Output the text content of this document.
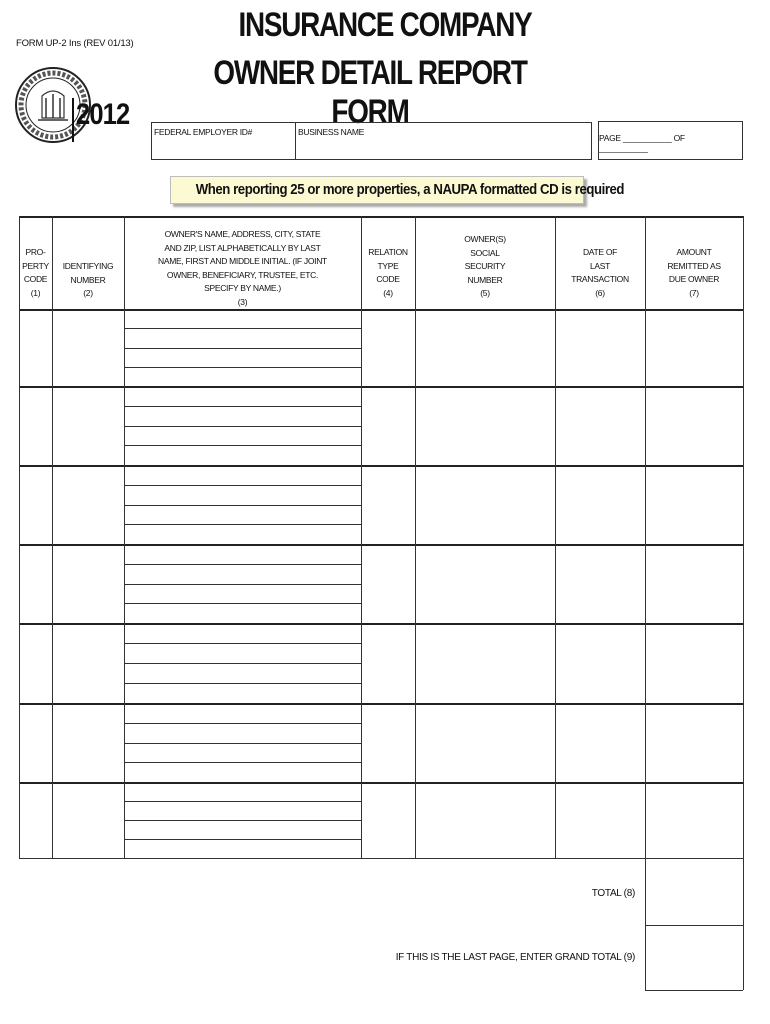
FORM UP-2 Ins (REV 01/13)
2012
INSURANCE COMPANY
OWNER DETAIL REPORT FORM
FEDERAL EMPLOYER ID#	BUSINESS NAME
PAGE ___________ OF ___________
When reporting 25 or more properties, a NAUPA formatted CD is required
PRO-
PERTY
CODE
(1)
IDENTIFYING
NUMBER
(2)
OWNER'S NAME, ADDRESS, CITY, STATE
AND ZIP, LIST ALPHABETICALLY BY LAST
NAME, FIRST AND MIDDLE INITIAL. (IF JOINT
OWNER, BENEFICIARY, TRUSTEE, ETC.
SPECIFY BY NAME.)
(3)
RELATION
TYPE
CODE
(4)
OWNER(S)
SOCIAL
SECURITY
NUMBER
(5)
DATE OF
LAST
TRANSACTION
(6)
AMOUNT
REMITTED AS
DUE OWNER
(7)
TOTAL (8)
IF THIS IS THE LAST PAGE, ENTER GRAND TOTAL (9)
